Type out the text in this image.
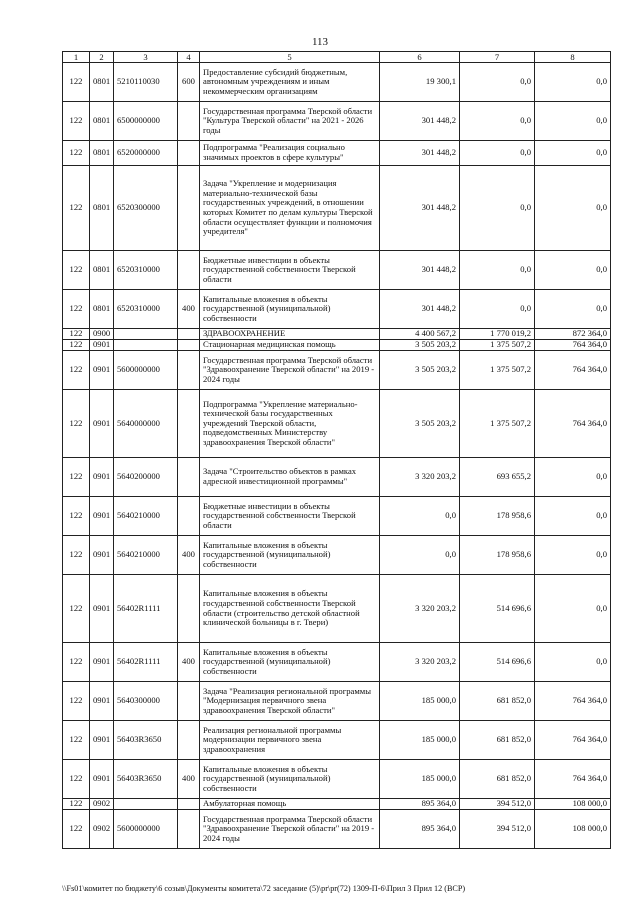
113
1	2	3	4	5	6	7	8
122	0801	5210110030	600	Предоставление субсидий бюджетным, автономным учреждениям и иным некоммерческим организациям	19 300,1	0,0	0,0
122	0801	6500000000		Государственная программа Тверской области "Культура Тверской области" на 2021 - 2026 годы	301 448,2	0,0	0,0
122	0801	6520000000		Подпрограмма "Реализация социально значимых проектов в сфере культуры"	301 448,2	0,0	0,0
122	0801	6520300000		Задача "Укрепление и модернизация материально-технической базы государственных учреждений, в отношении которых Комитет по делам культуры Тверской области осуществляет функции и полномочия учредителя"	301 448,2	0,0	0,0
122	0801	6520310000		Бюджетные инвестиции в объекты государственной собственности Тверской области	301 448,2	0,0	0,0
122	0801	6520310000	400	Капитальные вложения в объекты государственной (муниципальной) собственности	301 448,2	0,0	0,0
122	0900			ЗДРАВООХРАНЕНИЕ	4 400 567,2	1 770 019,2	872 364,0
122	0901			Стационарная медицинская помощь	3 505 203,2	1 375 507,2	764 364,0
122	0901	5600000000		Государственная программа Тверской области "Здравоохранение Тверской области" на 2019 - 2024 годы	3 505 203,2	1 375 507,2	764 364,0
122	0901	5640000000		Подпрограмма "Укрепление материально-технической базы государственных учреждений Тверской области, подведомственных Министерству здравоохранения Тверской области"	3 505 203,2	1 375 507,2	764 364,0
122	0901	5640200000		Задача "Строительство объектов в рамках адресной инвестиционной программы"	3 320 203,2	693 655,2	0,0
122	0901	5640210000		Бюджетные инвестиции в объекты государственной собственности Тверской области	0,0	178 958,6	0,0
122	0901	5640210000	400	Капитальные вложения в объекты государственной (муниципальной) собственности	0,0	178 958,6	0,0
122	0901	56402R1111		Капитальные вложения в объекты государственной собственности Тверской области (строительство детской областной клинической больницы в г. Твери)	3 320 203,2	514 696,6	0,0
122	0901	56402R1111	400	Капитальные вложения в объекты государственной (муниципальной) собственности	3 320 203,2	514 696,6	0,0
122	0901	5640300000		Задача "Реализация региональной программы "Модернизация первичного звена здравоохранения Тверской области"	185 000,0	681 852,0	764 364,0
122	0901	56403R3650		Реализация региональной программы модернизации первичного звена здравоохранения	185 000,0	681 852,0	764 364,0
122	0901	56403R3650	400	Капитальные вложения в объекты государственной (муниципальной) собственности	185 000,0	681 852,0	764 364,0
122	0902			Амбулаторная помощь	895 364,0	394 512,0	108 000,0
122	0902	5600000000		Государственная программа Тверской области "Здравоохранение Тверской области" на 2019 - 2024 годы	895 364,0	394 512,0	108 000,0
\\Fs01\комитет по бюджету\6 созыв\Документы комитета\72 заседание (5)\pr\pr(72) 1309-П-6\Прил 3 Прил 12 (ВСР)
